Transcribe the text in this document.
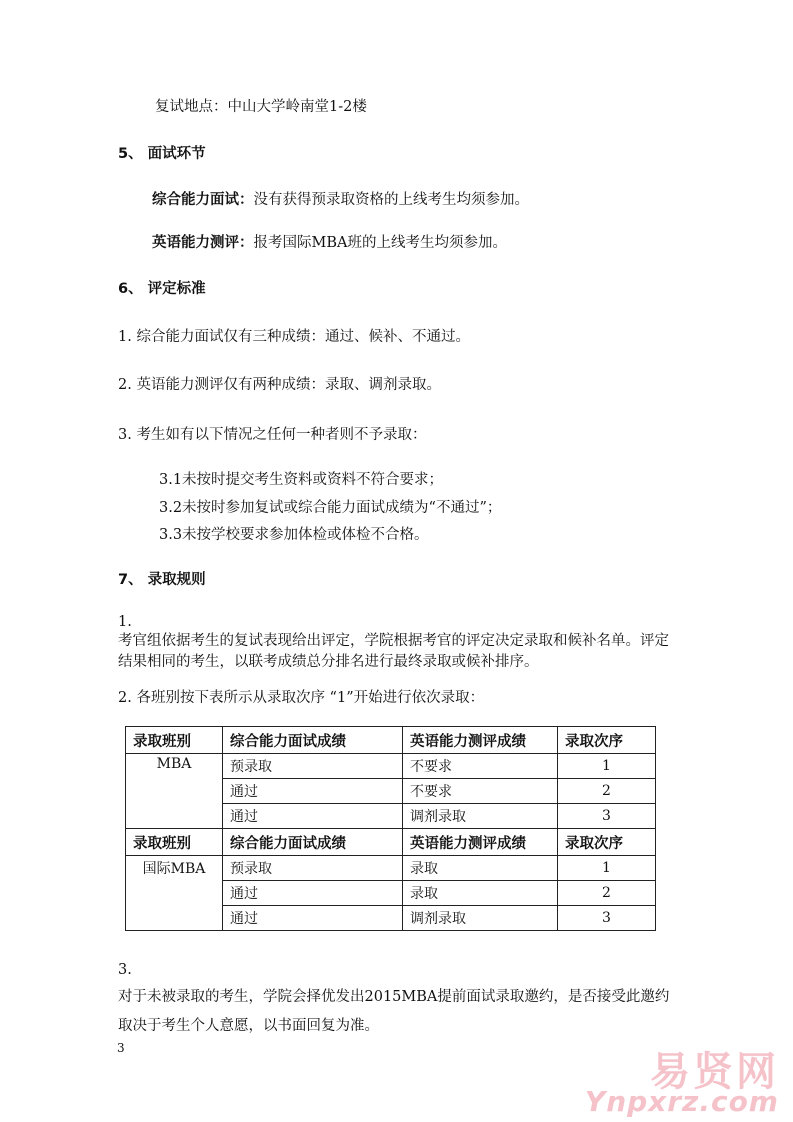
复试地点：中山大学岭南堂1-2楼
5、 面试环节
综合能力面试：没有获得预录取资格的上线考生均须参加。
英语能力测评：报考国际MBA班的上线考生均须参加。
6、 评定标准
1. 综合能力面试仅有三种成绩：通过、候补、不通过。
2. 英语能力测评仅有两种成绩：录取、调剂录取。
3. 考生如有以下情况之任何一种者则不予录取：
3.1未按时提交考生资料或资料不符合要求；
3.2未按时参加复试或综合能力面试成绩为“不通过”；
3.3未按学校要求参加体检或体检不合格。
7、 录取规则
1.
考官组依据考生的复试表现给出评定，学院根据考官的评定决定录取和候补名单。评定结果相同的考生，以联考成绩总分排名进行最终录取或候补排序。
2. 各班别按下表所示从录取次序 “1”开始进行依次录取：
录取班别	综合能力面试成绩	英语能力测评成绩	录取次序
MBA	预录取	不要求	1
	通过	不要求	2
	通过	调剂录取	3
录取班别	综合能力面试成绩	英语能力测评成绩	录取次序
国际MBA	预录取	录取	1
	通过	录取	2
	通过	调剂录取	3
3.
对于未被录取的考生，学院会择优发出2015MBA提前面试录取邀约，是否接受此邀约取决于考生个人意愿，以书面回复为准。
3
易贤网
Ynpxrz.com
